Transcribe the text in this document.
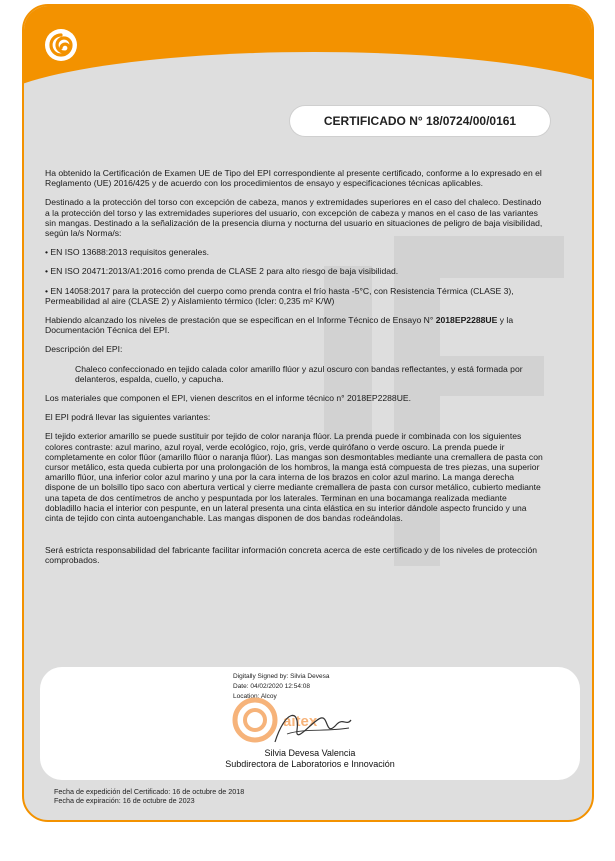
CERTIFICADO N° 18/0724/00/0161

Ha obtenido la Certificación de Examen UE de Tipo del EPI correspondiente al presente certificado, conforme a lo expresado en el Reglamento (UE) 2016/425 y de acuerdo con los procedimientos de ensayo y especificaciones técnicas aplicables.

Destinado a la protección del torso con excepción de cabeza, manos y extremidades superiores en el caso del chaleco. Destinado a la protección del torso y las extremidades superiores del usuario, con excepción de cabeza y manos en el caso de las variantes sin mangas. Destinado a la señalización de la presencia diurna y nocturna del usuario en situaciones de peligro de baja visibilidad, según la/s Norma/s:

• EN ISO 13688:2013 requisitos generales.

• EN ISO 20471:2013/A1:2016 como prenda de CLASE 2 para alto riesgo de baja visibilidad.

• EN 14058:2017 para la protección del cuerpo como prenda contra el frío hasta -5°C, con Resistencia Térmica (CLASE 3), Permeabilidad al aire (CLASE 2) y Aislamiento térmico (Icler: 0,235 m² K/W)

Habiendo alcanzado los niveles de prestación que se especifican en el Informe Técnico de Ensayo N° 2018EP2288UE y la Documentación Técnica del EPI.

Descripción del EPI:

Chaleco confeccionado en tejido calada color amarillo flúor y azul oscuro con bandas reflectantes, y está formada por delanteros, espalda, cuello, y capucha.

Los materiales que componen el EPI, vienen descritos en el informe técnico n° 2018EP2288UE.

El EPI podrá llevar las siguientes variantes:

El tejido exterior amarillo se puede sustituir por tejido de color naranja flúor. La prenda puede ir combinada con los siguientes colores contraste: azul marino, azul royal, verde ecológico, rojo, gris, verde quirófano o verde oscuro. La prenda puede ir completamente en color flúor (amarillo flúor o naranja flúor). Las mangas son desmontables mediante una cremallera de pasta con cursor metálico, esta queda cubierta por una prolongación de los hombros, la manga está compuesta de tres piezas, una superior amarillo flúor, una inferior color azul marino y una por la cara interna de los brazos en color azul marino. La manga derecha dispone de un bolsillo tipo saco con abertura vertical y cierre mediante cremallera de pasta con cursor metálico, cubierto mediante una tapeta de dos centímetros de ancho y pespuntada por los laterales. Terminan en una bocamanga realizada mediante dobladillo hacia el interior con pespunte, en un lateral presenta una cinta elástica en su interior dándole aspecto fruncido y una cinta de tejido con cinta autoenganchable. Las mangas disponen de dos bandas rodeándolas.

Será estricta responsabilidad del fabricante facilitar información concreta acerca de este certificado y de los niveles de protección comprobados.

Digitally Signed by: Silvia Devesa
Date: 04/02/2020 12:54:08
Location: Alcoy
aitex
Silvia Devesa Valencia
Subdirectora de Laboratorios e Innovación
Fecha de expedición del Certificado: 16 de octubre de 2018
Fecha de expiración: 16 de octubre de 2023
